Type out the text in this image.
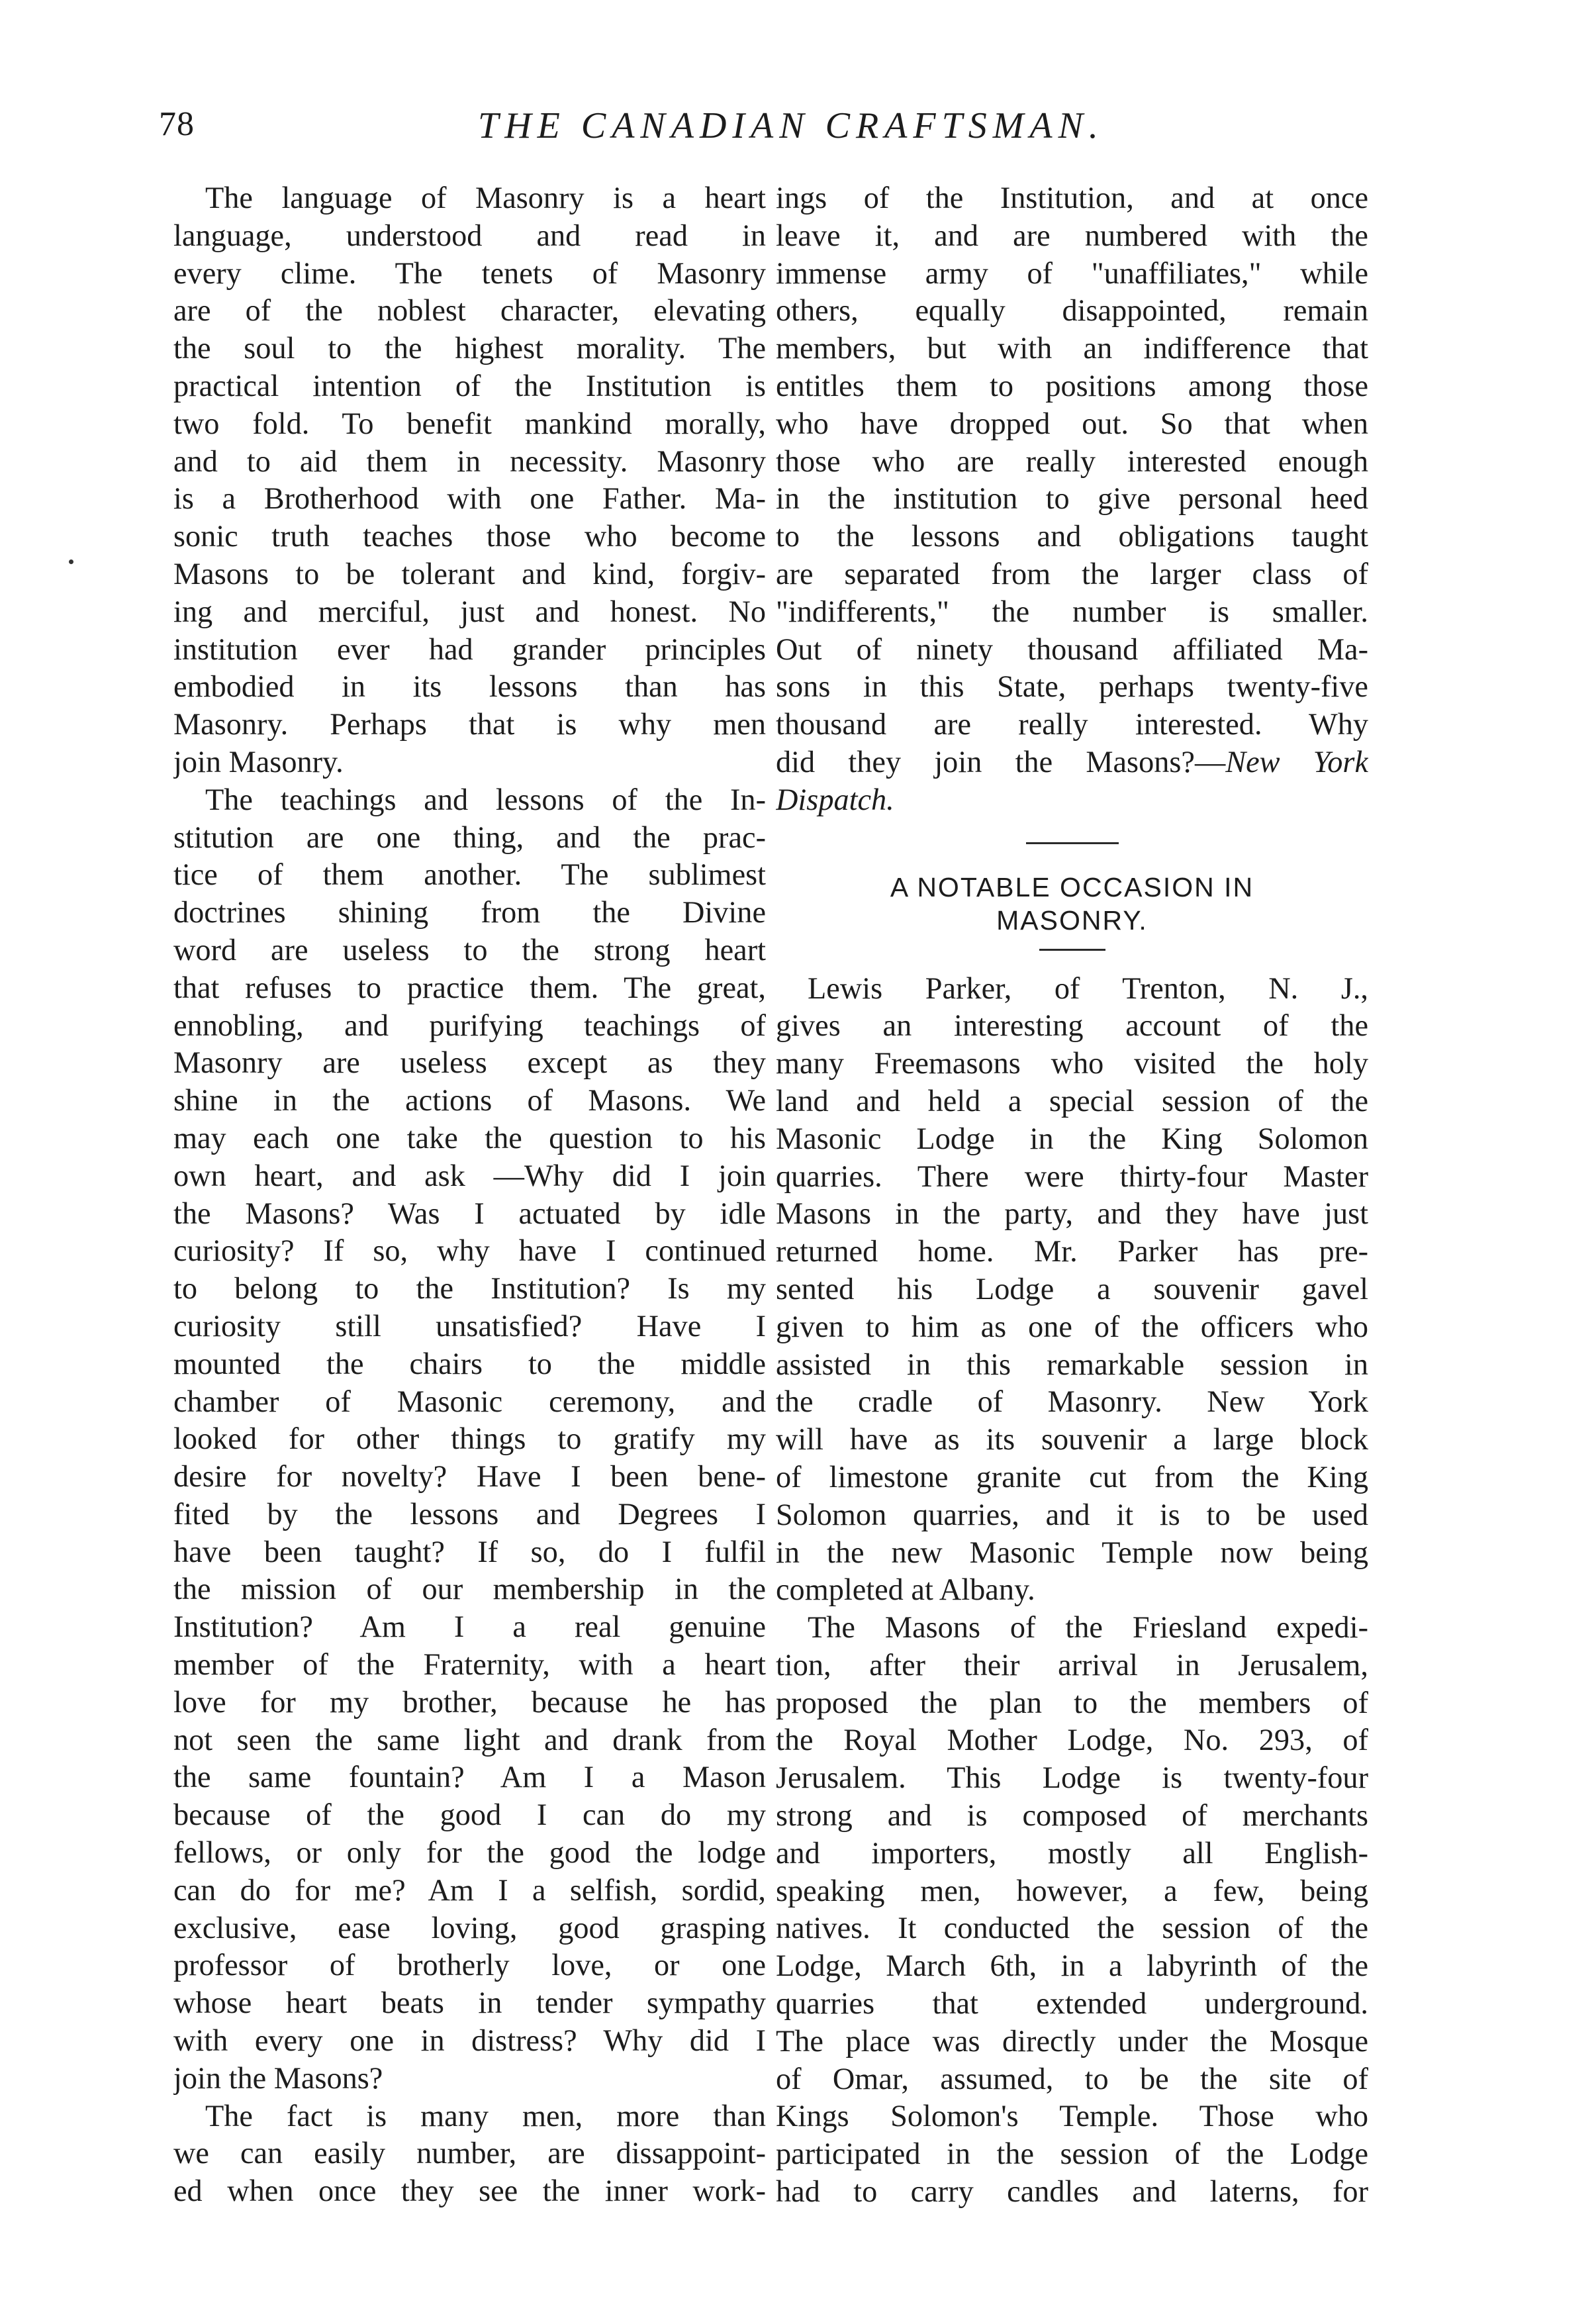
78	THE CANADIAN CRAFTSMAN.
The language of Masonry is a heart
language, understood and read in
every clime. The tenets of Masonry
are of the noblest character, elevating
the soul to the highest morality. The
practical intention of the Institution is
two fold. To benefit mankind morally,
and to aid them in necessity. Masonry
is a Brotherhood with one Father. Ma-
sonic truth teaches those who become
Masons to be tolerant and kind, forgiv-
ing and merciful, just and honest. No
institution ever had grander principles
embodied in its lessons than has
Masonry. Perhaps that is why men
join Masonry.
The teachings and lessons of the In-
stitution are one thing, and the prac-
tice of them another. The sublimest
doctrines shining from the Divine
word are useless to the strong heart
that refuses to practice them. The great,
ennobling, and purifying teachings of
Masonry are useless except as they
shine in the actions of Masons. We
may each one take the question to his
own heart, and ask —Why did I join
the Masons? Was I actuated by idle
curiosity? If so, why have I continued
to belong to the Institution? Is my
curiosity still unsatisfied? Have I
mounted the chairs to the middle
chamber of Masonic ceremony, and
looked for other things to gratify my
desire for novelty? Have I been bene-
fited by the lessons and Degrees I
have been taught? If so, do I fulfil
the mission of our membership in the
Institution? Am I a real genuine
member of the Fraternity, with a heart
love for my brother, because he has
not seen the same light and drank from
the same fountain? Am I a Mason
because of the good I can do my
fellows, or only for the good the lodge
can do for me? Am I a selfish, sordid,
exclusive, ease loving, good grasping
professor of brotherly love, or one
whose heart beats in tender sympathy
with every one in distress? Why did I
join the Masons?
The fact is many men, more than
we can easily number, are dissappoint-
ed when once they see the inner work-
ings of the Institution, and at once
leave it, and are numbered with the
immense army of "unaffiliates," while
others, equally disappointed, remain
members, but with an indifference that
entitles them to positions among those
who have dropped out. So that when
those who are really interested enough
in the institution to give personal heed
to the lessons and obligations taught
are separated from the larger class of
"indifferents," the number is smaller.
Out of ninety thousand affiliated Ma-
sons in this State, perhaps twenty-five
thousand are really interested. Why
did they join the Masons?—New York
Dispatch.

A NOTABLE OCCASION IN
MASONRY.

Lewis Parker, of Trenton, N. J.,
gives an interesting account of the
many Freemasons who visited the holy
land and held a special session of the
Masonic Lodge in the King Solomon
quarries. There were thirty-four Master
Masons in the party, and they have just
returned home. Mr. Parker has pre-
sented his Lodge a souvenir gavel
given to him as one of the officers who
assisted in this remarkable session in
the cradle of Masonry. New York
will have as its souvenir a large block
of limestone granite cut from the King
Solomon quarries, and it is to be used
in the new Masonic Temple now being
completed at Albany.
The Masons of the Friesland expedi-
tion, after their arrival in Jerusalem,
proposed the plan to the members of
the Royal Mother Lodge, No. 293, of
Jerusalem. This Lodge is twenty-four
strong and is composed of merchants
and importers, mostly all English-
speaking men, however, a few, being
natives. It conducted the session of the
Lodge, March 6th, in a labyrinth of the
quarries that extended underground.
The place was directly under the Mosque
of Omar, assumed, to be the site of
Kings Solomon's Temple. Those who
participated in the session of the Lodge
had to carry candles and laterns, for
